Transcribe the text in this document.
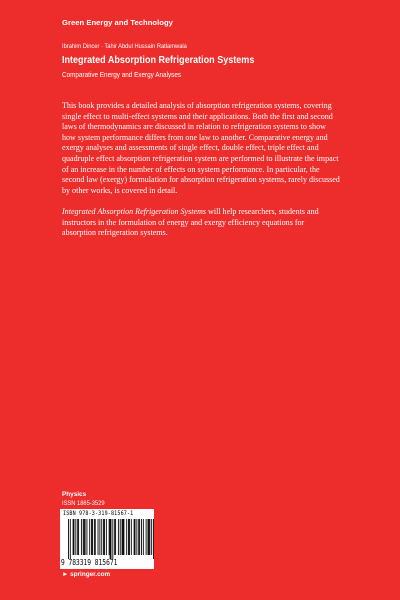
Green Energy and Technology
Ibrahim Dincer · Tahir Abdul Hussain Ratlamwala
Integrated Absorption Refrigeration Systems
Comparative Energy and Exergy Analyses

This book provides a detailed analysis of absorption refrigeration systems, covering single effect to multi-effect systems and their applications. Both the first and second laws of thermodynamics are discussed in relation to refrigeration systems to show how system performance differs from one law to another. Comparative energy and exergy analyses and assessments of single effect, double effect, triple effect and quadruple effect absorption refrigeration system are performed to illustrate the impact of an increase in the number of effects on system performance. In particular, the second law (exergy) formulation for absorption refrigeration systems, rarely discussed by other works, is covered in detail.

Integrated Absorption Refrigeration Systems will help researchers, students and instructors in the formulation of energy and exergy efficiency equations for absorption refrigeration systems.

Physics
ISSN 1865-3529
ISBN 978-3-319-81567-1
9 783319 815671
► springer.com
